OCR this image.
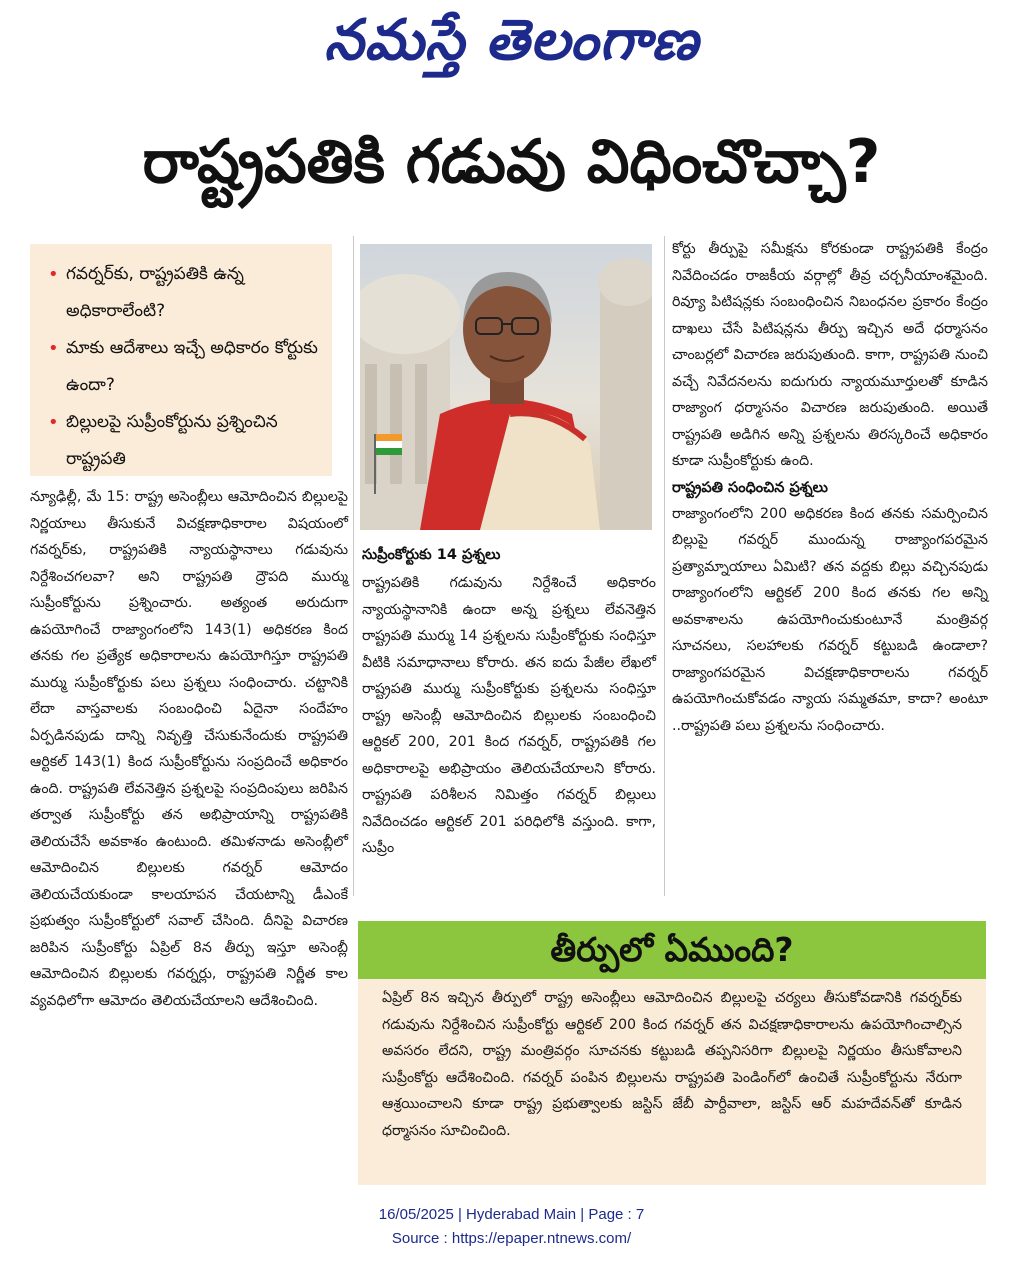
నమస్తే తెలంగాణ
రాష్ట్రపతికి గడువు విధించొచ్చా?
• గవర్నర్‌కు, రాష్ట్రపతికి ఉన్న అధికారాలేంటి?
• మాకు ఆదేశాలు ఇచ్చే అధికారం కోర్టుకు ఉందా?
• బిల్లులపై సుప్రీంకోర్టును ప్రశ్నించిన రాష్ట్రపతి

న్యూఢిల్లీ, మే 15: రాష్ట్ర అసెంబ్లీలు ఆమోదించిన బిల్లులపై నిర్ణయాలు తీసుకునే విచక్షణాధికారాల విషయంలో గవర్నర్‌కు, రాష్ట్రపతికి న్యాయస్థానాలు గడువును నిర్దేశించగలవా? అని రాష్ట్రపతి ద్రౌపది ముర్ము సుప్రీంకోర్టును ప్రశ్నించారు. అత్యంత అరుదుగా ఉపయోగించే రాజ్యాంగంలోని 143(1) అధికరణ కింద తనకు గల ప్రత్యేక అధికారాలను ఉపయోగిస్తూ రాష్ట్రపతి ముర్ము సుప్రీంకోర్టుకు పలు ప్రశ్నలు సంధించారు. చట్టానికి లేదా వాస్తవాలకు సంబంధించి ఏదైనా సందేహం ఏర్పడినపుడు దాన్ని నివృత్తి చేసుకునేందుకు రాష్ట్రపతి ఆర్టికల్ 143(1) కింద సుప్రీంకోర్టును సంప్రదించే అధికారం ఉంది. రాష్ట్రపతి లేవనెత్తిన ప్రశ్నలపై సంప్రదింపులు జరిపిన తర్వాత సుప్రీంకోర్టు తన అభిప్రాయాన్ని రాష్ట్రపతికి తెలియచేసే అవకాశం ఉంటుంది. తమిళనాడు అసెంబ్లీలో ఆమోదించిన బిల్లులకు గవర్నర్ ఆమోదం తెలియచేయకుండా కాలయాపన చేయటాన్ని డీఎంకే ప్రభుత్వం సుప్రీంకోర్టులో సవాల్ చేసింది. దీనిపై విచారణ జరిపిన సుప్రీంకోర్టు ఏప్రిల్ 8న తీర్పు ఇస్తూ అసెంబ్లీ ఆమోదించిన బిల్లులకు గవర్నర్లు, రాష్ట్రపతి నిర్ణీత కాల వ్యవధిలోగా ఆమోదం తెలియచేయాలని ఆదేశించింది.

సుప్రీంకోర్టుకు 14 ప్రశ్నలు

రాష్ట్రపతికి గడువును నిర్దేశించే అధికారం న్యాయస్థానానికి ఉందా అన్న ప్రశ్నలు లేవనెత్తిన రాష్ట్రపతి ముర్ము 14 ప్రశ్నలను సుప్రీంకోర్టుకు సంధిస్తూ వీటికి సమాధానాలు కోరారు. తన ఐదు పేజీల లేఖలో రాష్ట్రపతి ముర్ము సుప్రీంకోర్టుకు ప్రశ్నలను సంధిస్తూ రాష్ట్ర అసెంబ్లీ ఆమోదించిన బిల్లులకు సంబంధించి ఆర్టికల్ 200, 201 కింద గవర్నర్, రాష్ట్రపతికి గల అధికారాలపై అభిప్రాయం తెలియచేయాలని కోరారు. రాష్ట్రపతి పరిశీలన నిమిత్తం గవర్నర్ బిల్లులు నివేదించడం ఆర్టికల్ 201 పరిధిలోకి వస్తుంది. కాగా, సుప్రీం

కోర్టు తీర్పుపై సమీక్షను కోరకుండా రాష్ట్రపతికి కేంద్రం నివేదించడం రాజకీయ వర్గాల్లో తీవ్ర చర్చనీయాంశమైంది. రివ్యూ పిటిషన్లకు సంబంధించిన నిబంధనల ప్రకారం కేంద్రం దాఖలు చేసే పిటిషన్లను తీర్పు ఇచ్చిన అదే ధర్మాసనం చాంబర్లలో విచారణ జరుపుతుంది. కాగా, రాష్ట్రపతి నుంచి వచ్చే నివేదనలను ఐదుగురు న్యాయమూర్తులతో కూడిన రాజ్యాంగ ధర్మాసనం విచారణ జరుపుతుంది. అయితే రాష్ట్రపతి అడిగిన అన్ని ప్రశ్నలను తిరస్కరించే అధికారం కూడా సుప్రీంకోర్టుకు ఉంది.

రాష్ట్రపతి సంధించిన ప్రశ్నలు

రాజ్యాంగంలోని 200 అధికరణ కింద తనకు సమర్పించిన బిల్లుపై గవర్నర్ ముందున్న రాజ్యాంగపరమైన ప్రత్యామ్నాయాలు ఏమిటి? తన వద్దకు బిల్లు వచ్చినపుడు రాజ్యాంగంలోని ఆర్టికల్ 200 కింద తనకు గల అన్ని అవకాశాలను ఉపయోగించుకుంటూనే మంత్రివర్గ సూచనలు, సలహాలకు గవర్నర్ కట్టుబడి ఉండాలా? రాజ్యాంగపరమైన విచక్షణాధికారాలను గవర్నర్ ఉపయోగించుకోవడం న్యాయ సమ్మతమా, కాదా? అంటూ ..రాష్ట్రపతి పలు ప్రశ్నలను సంధించారు.

తీర్పులో ఏముంది?

ఏప్రిల్ 8న ఇచ్చిన తీర్పులో రాష్ట్ర అసెంబ్లీలు ఆమోదించిన బిల్లులపై చర్యలు తీసుకోవడానికి గవర్నర్‌కు గడువును నిర్దేశించిన సుప్రీంకోర్టు ఆర్టికల్ 200 కింద గవర్నర్ తన విచక్షణాధికారాలను ఉపయోగించాల్సిన అవసరం లేదని, రాష్ట్ర మంత్రివర్గం సూచనకు కట్టుబడి తప్పనిసరిగా బిల్లులపై నిర్ణయం తీసుకోవాలని సుప్రీంకోర్టు ఆదేశించింది. గవర్నర్ పంపిన బిల్లులను రాష్ట్రపతి పెండింగ్‌లో ఉంచితే సుప్రీంకోర్టును నేరుగా ఆశ్రయించాలని కూడా రాష్ట్ర ప్రభుత్వాలకు జస్టిస్ జేబీ పార్దీవాలా, జస్టిస్ ఆర్ మహదేవన్‌తో కూడిన ధర్మాసనం సూచించింది.

16/05/2025 | Hyderabad Main | Page : 7
Source : https://epaper.ntnews.com/
